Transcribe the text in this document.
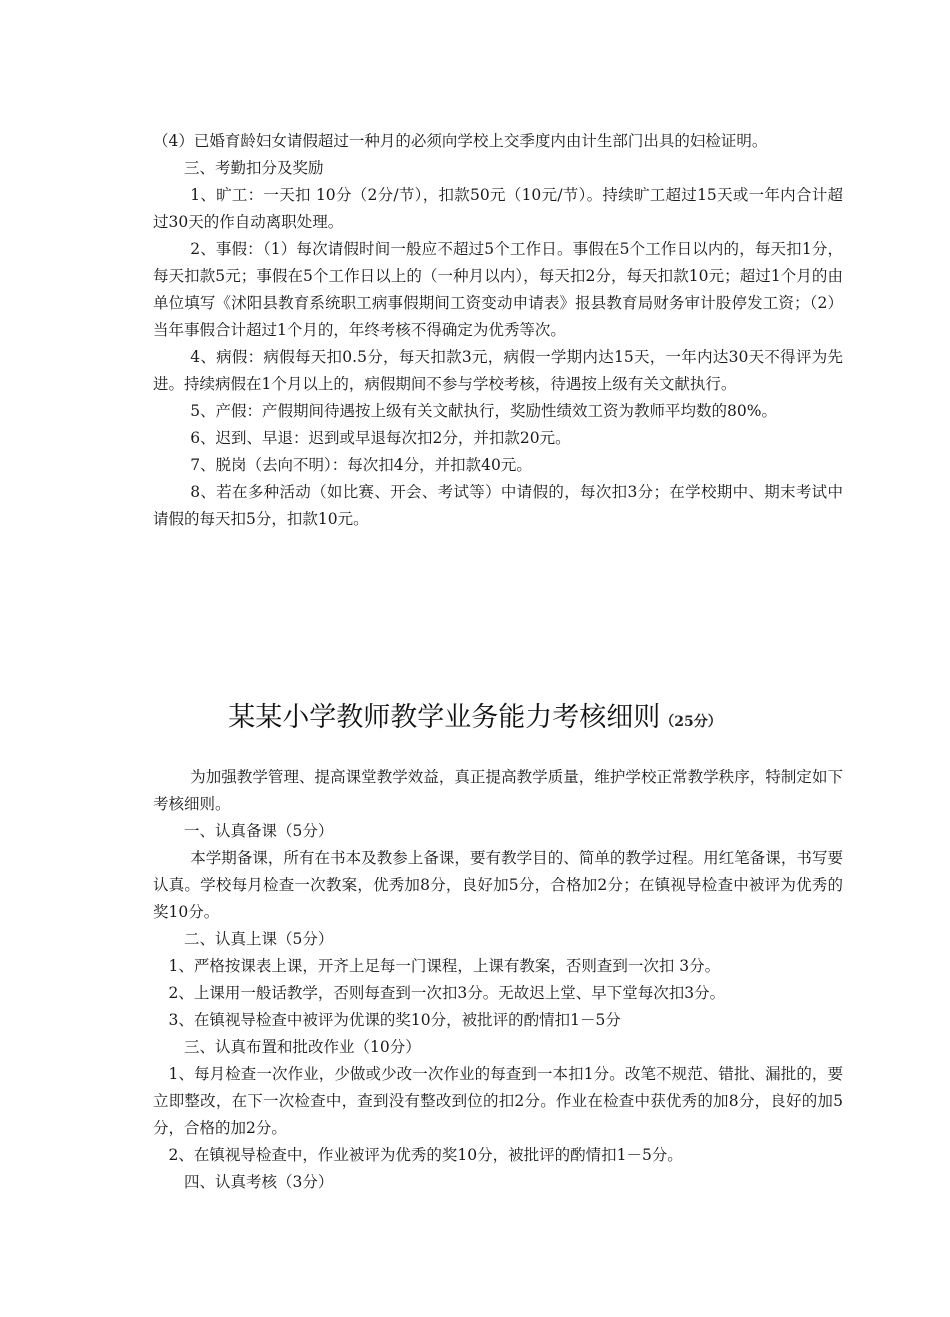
（4）已婚育龄妇女请假超过一种月的必须向学校上交季度内由计生部门出具的妇检证明。

三、考勤扣分及奖励

1、旷工：一天扣 10分（2分/节），扣款50元（10元/节）。持续旷工超过15天或一年内合计超过30天的作自动离职处理。

2、事假：（1）每次请假时间一般应不超过5个工作日。事假在5个工作日以内的，每天扣1分，每天扣款5元；事假在5个工作日以上的（一种月以内），每天扣2分，每天扣款10元；超过1个月的由单位填写《沭阳县教育系统职工病事假期间工资变动申请表》报县教育局财务审计股停发工资；（2）当年事假合计超过1个月的，年终考核不得确定为优秀等次。

4、病假：病假每天扣0.5分，每天扣款3元，病假一学期内达15天，一年内达30天不得评为先进。持续病假在1个月以上的，病假期间不参与学校考核，待遇按上级有关文献执行。

5、产假：产假期间待遇按上级有关文献执行，奖励性绩效工资为教师平均数的80%。

6、迟到、早退：迟到或早退每次扣2分，并扣款20元。

7、脱岗（去向不明）：每次扣4分，并扣款40元。

8、若在多种活动（如比赛、开会、考试等）中请假的，每次扣3分；在学校期中、期末考试中请假的每天扣5分，扣款10元。

某某小学教师教学业务能力考核细则（25分）

为加强教学管理、提高课堂教学效益，真正提高教学质量，维护学校正常教学秩序，特制定如下考核细则。

一、认真备课（5分）

本学期备课，所有在书本及教参上备课，要有教学目的、简单的教学过程。用红笔备课，书写要认真。学校每月检查一次教案，优秀加8分，良好加5分，合格加2分；在镇视导检查中被评为优秀的奖10分。

二、认真上课（5分）

1、严格按课表上课，开齐上足每一门课程，上课有教案，否则查到一次扣 3分。

2、上课用一般话教学，否则每查到一次扣3分。无故迟上堂、早下堂每次扣3分。

3、在镇视导检查中被评为优课的奖10分，被批评的酌情扣1－5分

三、认真布置和批改作业（10分）

1、每月检查一次作业，少做或少改一次作业的每查到一本扣1分。改笔不规范、错批、漏批的，要立即整改，在下一次检查中，查到没有整改到位的扣2分。作业在检查中获优秀的加8分，良好的加5分，合格的加2分。

2、在镇视导检查中，作业被评为优秀的奖10分，被批评的酌情扣1－5分。

四、认真考核（3分）
